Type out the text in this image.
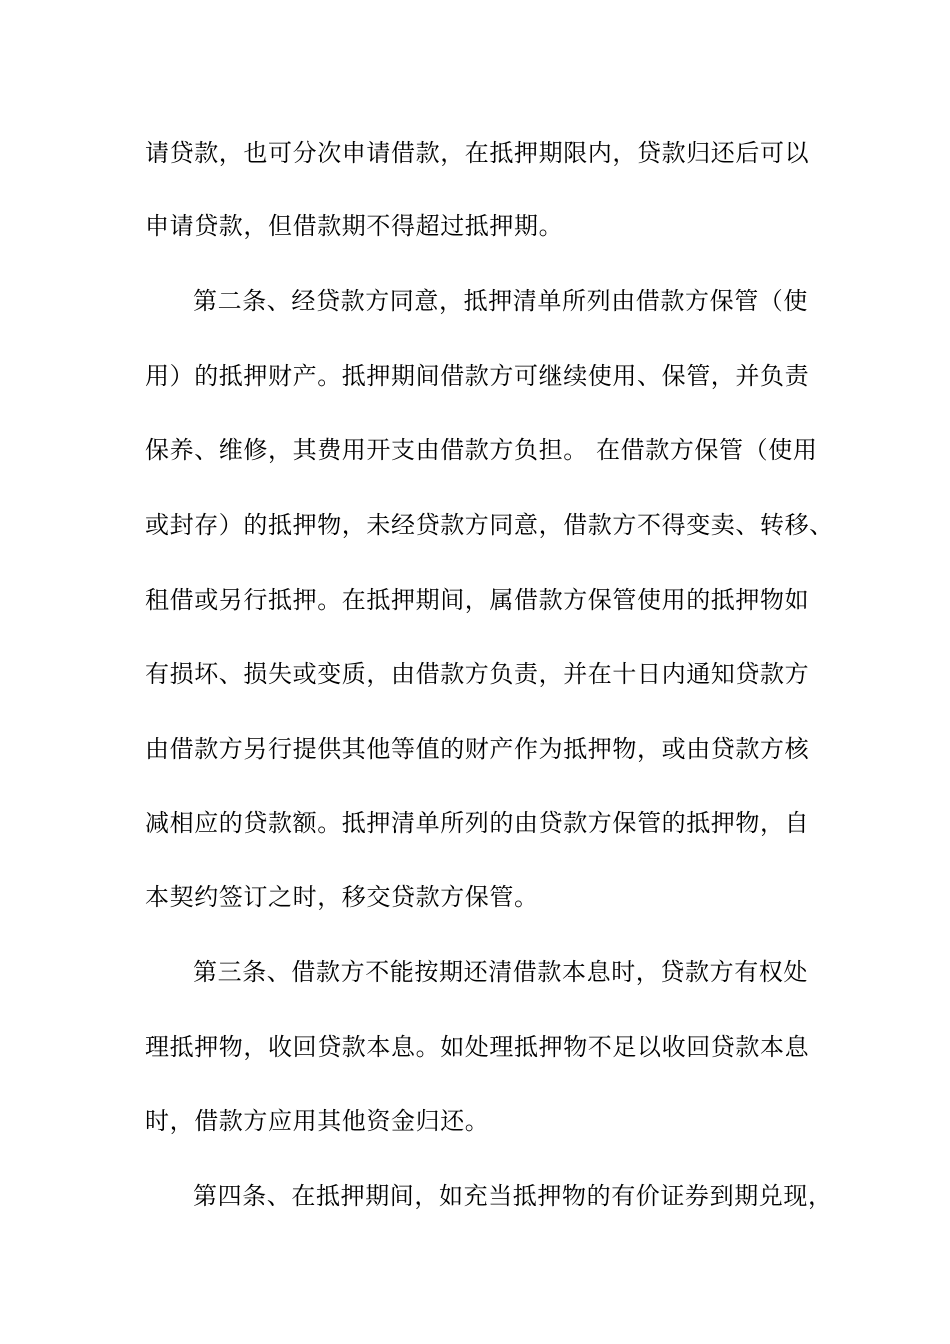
请贷款，也可分次申请借款，在抵押期限内，贷款归还后可以
申请贷款，但借款期不得超过抵押期。
第二条、经贷款方同意，抵押清单所列由借款方保管（使
用）的抵押财产。抵押期间借款方可继续使用、保管，并负责
保养、维修，其费用开支由借款方负担。 在借款方保管（使用
或封存）的抵押物，未经贷款方同意，借款方不得变卖、转移、
租借或另行抵押。在抵押期间，属借款方保管使用的抵押物如
有损坏、损失或变质，由借款方负责，并在十日内通知贷款方
由借款方另行提供其他等值的财产作为抵押物，或由贷款方核
减相应的贷款额。抵押清单所列的由贷款方保管的抵押物，自
本契约签订之时，移交贷款方保管。
第三条、借款方不能按期还清借款本息时，贷款方有权处
理抵押物，收回贷款本息。如处理抵押物不足以收回贷款本息
时，借款方应用其他资金归还。
第四条、在抵押期间，如充当抵押物的有价证券到期兑现，
